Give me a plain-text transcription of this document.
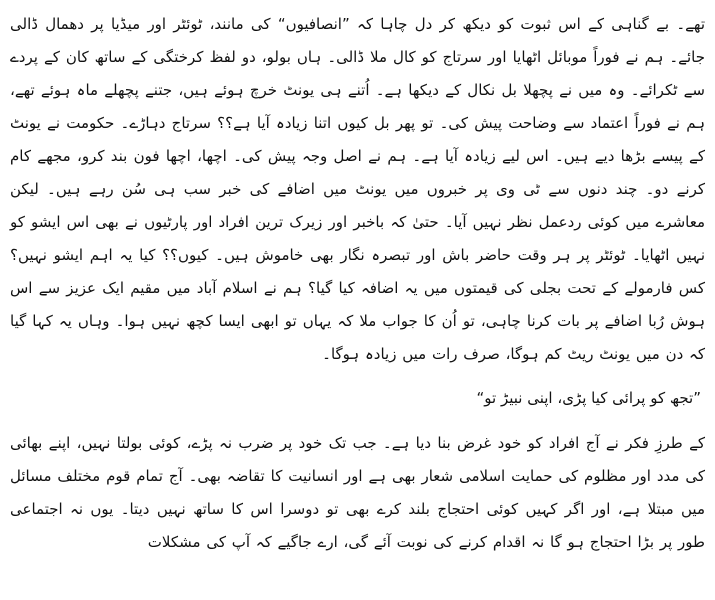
تھے۔ بے گناہی کے اس ثبوت کو دیکھ کر دل چاہا کہ ”انصافیوں“ کی مانند، ٹوئٹر اور میڈیا پر دھمال ڈالی جائے۔ ہم نے فوراً موبائل اٹھایا اور سرتاج کو کال ملا ڈالی۔ ہاں بولو، دو لفظ کرختگی کے ساتھ کان کے پردے سے ٹکرائے۔ وہ میں نے پچھلا بل نکال کے دیکھا ہے۔ اُتنے ہی یونٹ خرچ ہوئے ہیں، جتنے پچھلے ماہ ہوئے تھے، ہم نے فوراً اعتماد سے وضاحت پیش کی۔ تو پھر بل کیوں اتنا زیادہ آیا ہے؟؟ سرتاج دہاڑے۔ حکومت نے یونٹ کے پیسے بڑھا دیے ہیں۔ اس لیے زیادہ آیا ہے۔ ہم نے اصل وجہ پیش کی۔ اچھا، اچھا فون بند کرو، مجھے کام کرنے دو۔ چند دنوں سے ٹی وی پر خبروں میں یونٹ میں اضافے کی خبر سب ہی سُن رہے ہیں۔ لیکن معاشرے میں کوئی ردعمل نظر نہیں آیا۔ حتیٰ کہ باخبر اور زیرک ترین افراد اور پارٹیوں نے بھی اس ایشو کو نہیں اٹھایا۔ ٹوئٹر پر ہر وقت حاضر باش اور تبصرہ نگار بھی خاموش ہیں۔ کیوں؟؟ کیا یہ اہم ایشو نہیں؟ کس فارمولے کے تحت بجلی کی قیمتوں میں یہ اضافہ کیا گیا؟ ہم نے اسلام آباد میں مقیم ایک عزیز سے اس ہوش رُبا اضافے پر بات کرنا چاہی، تو اُن کا جواب ملا کہ یہاں تو ابھی ایسا کچھ نہیں ہوا۔ وہاں یہ کہا گیا کہ دن میں یونٹ ریٹ کم ہوگا، صرف رات میں زیادہ ہوگا۔

”تجھ کو پرائی کیا پڑی، اپنی نبیڑ تو“

کے طرزِ فکر نے آج افراد کو خود غرض بنا دیا ہے۔ جب تک خود پر ضرب نہ پڑے، کوئی بولتا نہیں، اپنے بھائی کی مدد اور مظلوم کی حمایت اسلامی شعار بھی ہے اور انسانیت کا تقاضہ بھی۔ آج تمام قوم مختلف مسائل میں مبتلا ہے، اور اگر کہیں کوئی احتجاج بلند کرے بھی تو دوسرا اس کا ساتھ نہیں دیتا۔ یوں نہ اجتماعی طور پر بڑا احتجاج ہو گا نہ اقدام کرنے کی نوبت آئے گی، ارے جاگیے کہ آپ کی مشکلات
